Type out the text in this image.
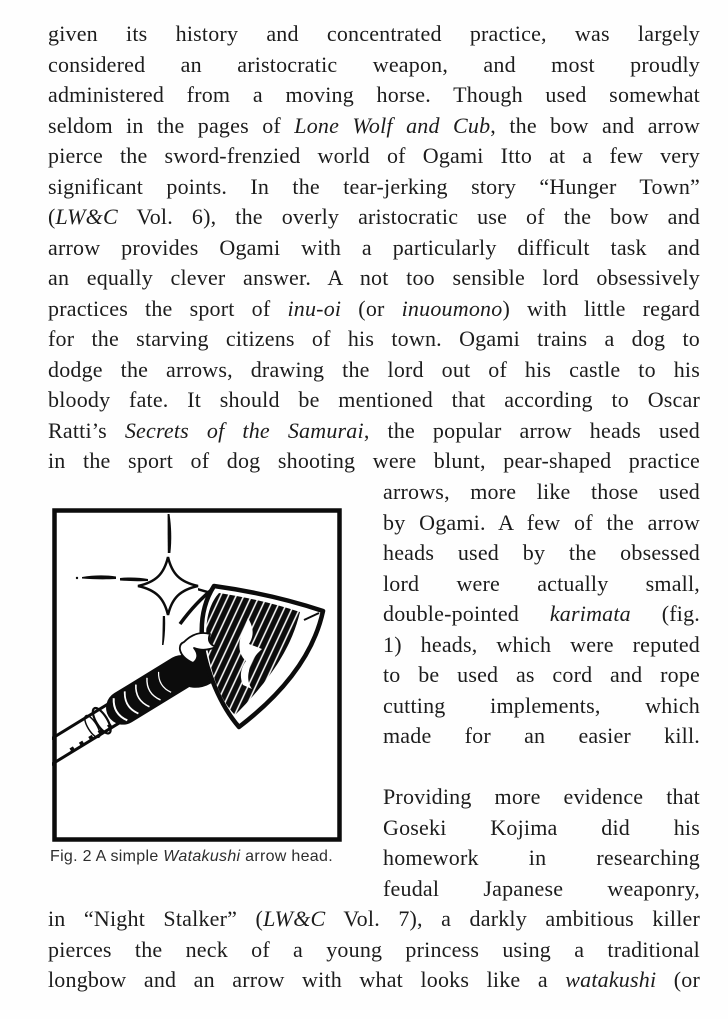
given its history and concentrated practice, was largely
considered an aristocratic weapon, and most proudly
administered from a moving horse. Though used somewhat
seldom in the pages of Lone Wolf and Cub, the bow and arrow
pierce the sword-frenzied world of Ogami Itto at a few very
significant points. In the tear-jerking story “Hunger Town”
(LW&C Vol. 6), the overly aristocratic use of the bow and
arrow provides Ogami with a particularly difficult task and
an equally clever answer. A not too sensible lord obsessively
practices the sport of inu-oi (or inuoumono) with little regard
for the starving citizens of his town. Ogami trains a dog to
dodge the arrows, drawing the lord out of his castle to his
bloody fate. It should be mentioned that according to Oscar
Ratti’s Secrets of the Samurai, the popular arrow heads used
in the sport of dog shooting were blunt, pear-shaped practice
arrows, more like those used
by Ogami. A few of the arrow
heads used by the obsessed
lord were actually small,
double-pointed karimata (fig.
1) heads, which were reputed
to be used as cord and rope
cutting implements, which
made for an easier kill.

Providing more evidence that
Goseki Kojima did his
homework in researching
feudal Japanese weaponry,
in “Night Stalker” (LW&C Vol. 7), a darkly ambitious killer
pierces the neck of a young princess using a traditional
longbow and an arrow with what looks like a watakushi (or
Fig. 2 A simple Watakushi arrow head.
